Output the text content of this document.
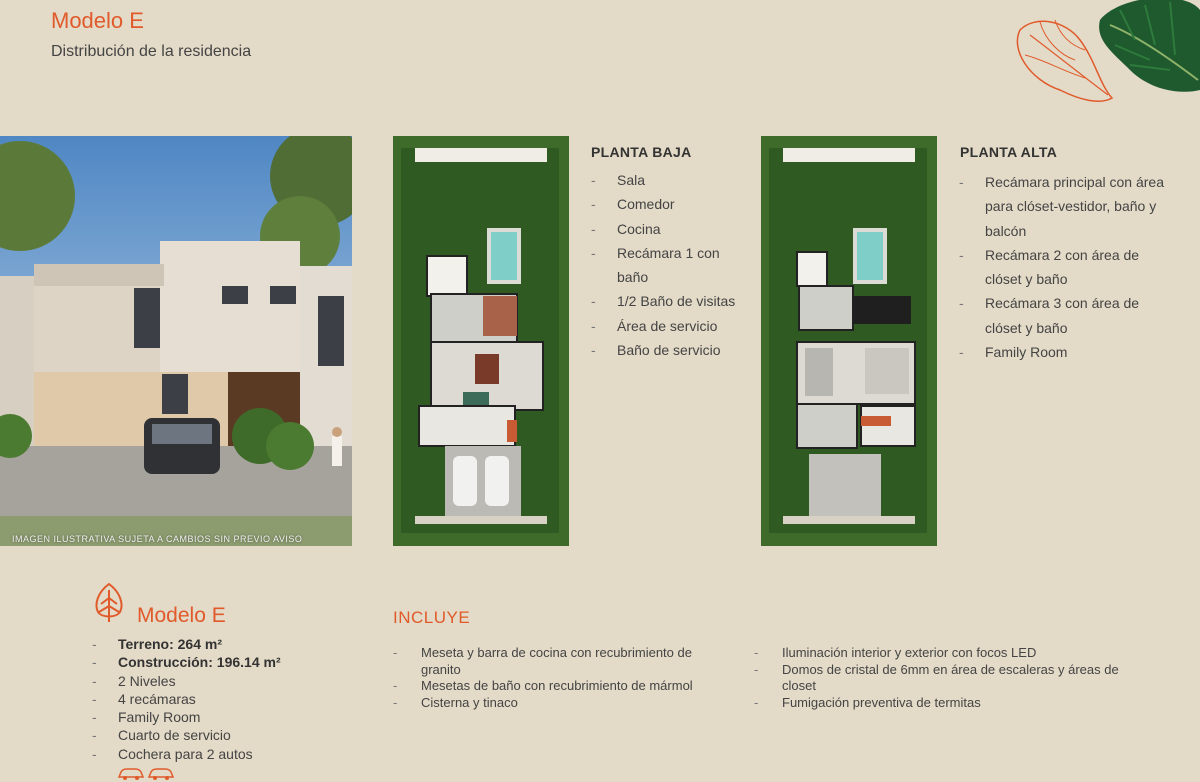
Modelo E
Distribución de la residencia
IMAGEN ILUSTRATIVA SUJETA A CAMBIOS SIN PREVIO AVISO
PLANTA BAJA
- Sala
- Comedor
- Cocina
- Recámara 1 con baño
- 1/2 Baño de visitas
- Área de servicio
- Baño de servicio
PLANTA ALTA
- Recámara principal con área para clóset-vestidor, baño y balcón
- Recámara 2 con área de clóset y baño
- Recámara 3 con área de clóset y baño
- Family Room
Modelo E
- Terreno: 264 m²
- Construcción: 196.14 m²
- 2 Niveles
- 4 recámaras
- Family Room
- Cuarto de servicio
- Cochera para 2 autos
INCLUYE
- Meseta y barra de cocina con recubrimiento de granito
- Mesetas de baño con recubrimiento de mármol
- Cisterna y tinaco
- Iluminación interior y exterior con focos LED
- Domos de cristal de 6mm en área de escaleras y áreas de closet
- Fumigación preventiva de termitas
